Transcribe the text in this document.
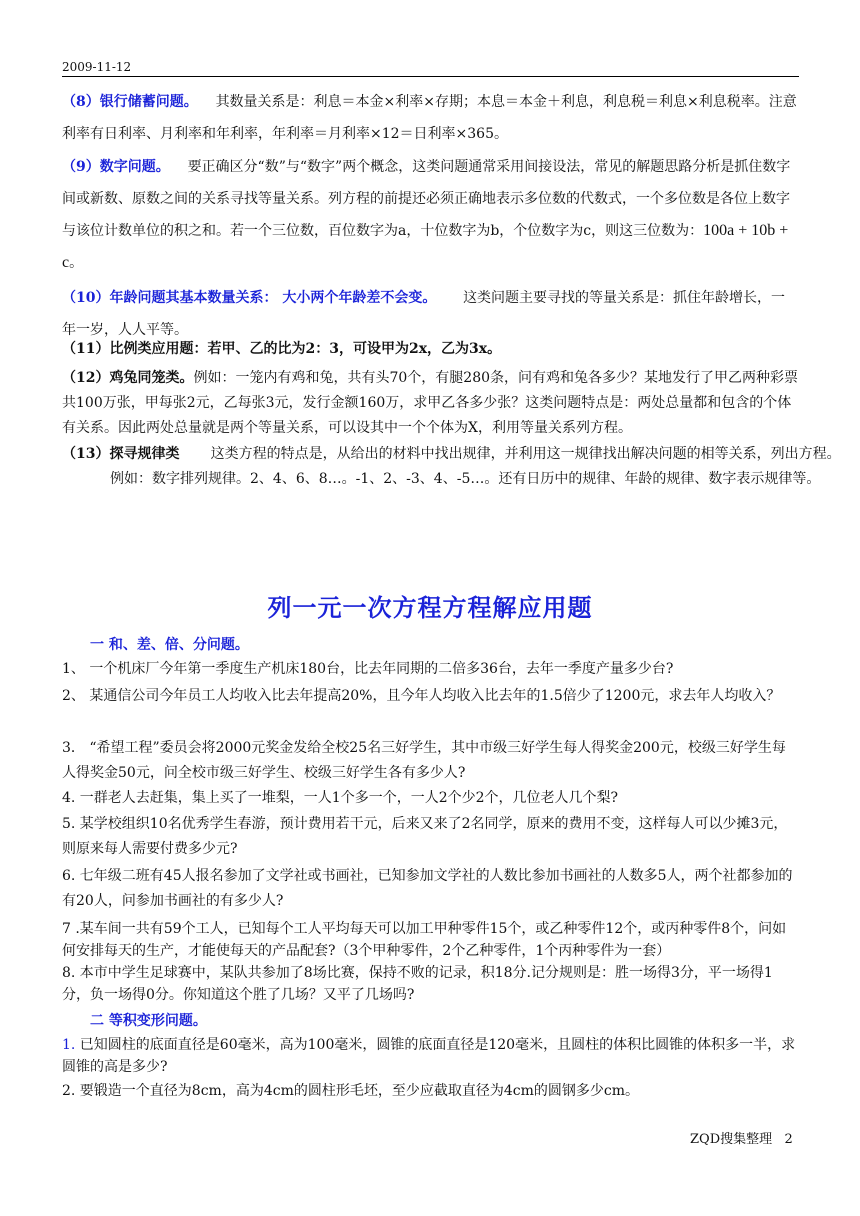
2009-11-12

（8）银行储蓄问题。 其数量关系是：利息＝本金×利率×存期；本息＝本金＋利息，利息税＝利息×利息税率。注意利率有日利率、月利率和年利率，年利率＝月利率×12＝日利率×365。

（9）数字问题。 要正确区分“数”与“数字”两个概念，这类问题通常采用间接设法，常见的解题思路分析是抓住数字间或新数、原数之间的关系寻找等量关系。列方程的前提还必须正确地表示多位数的代数式，一个多位数是各位上数字与该位计数单位的积之和。若一个三位数，百位数字为a，十位数字为b，个位数字为c，则这三位数为：100a + 10b + c。

（10）年龄问题其基本数量关系： 大小两个年龄差不会变。 这类问题主要寻找的等量关系是：抓住年龄增长，一年一岁，人人平等。

（11）比例类应用题：若甲、乙的比为2：3，可设甲为2x，乙为3x。

（12）鸡兔同笼类。例如：一笼内有鸡和兔，共有头70个，有腿280条，问有鸡和兔各多少？某地发行了甲乙两种彩票共100万张，甲每张2元，乙每张3元，发行金额160万，求甲乙各多少张？这类问题特点是：两处总量都和包含的个体有关系。因此两处总量就是两个等量关系，可以设其中一个个体为X，利用等量关系列方程。

（13）探寻规律类 这类方程的特点是，从给出的材料中找出规律，并利用这一规律找出解决问题的相等关系，列出方程。例如：数字排列规律。2、4、6、8…。-1、2、-3、4、-5…。还有日历中的规律、年龄的规律、数字表示规律等。

列一元一次方程方程解应用题

一 和、差、倍、分问题。

1、 一个机床厂今年第一季度生产机床180台，比去年同期的二倍多36台，去年一季度产量多少台?

2、 某通信公司今年员工人均收入比去年提高20%，且今年人均收入比去年的1.5倍少了1200元，求去年人均收入？

3． “希望工程”委员会将2000元奖金发给全校25名三好学生，其中市级三好学生每人得奖金200元，校级三好学生每人得奖金50元，问全校市级三好学生、校级三好学生各有多少人?

4. 一群老人去赶集，集上买了一堆梨，一人1个多一个，一人2个少2个，几位老人几个梨?

5. 某学校组织10名优秀学生春游，预计费用若干元，后来又来了2名同学，原来的费用不变，这样每人可以少摊3元，则原来每人需要付费多少元?

6. 七年级二班有45人报名参加了文学社或书画社，已知参加文学社的人数比参加书画社的人数多5人，两个社都参加的有20人，问参加书画社的有多少人?

7 .某车间一共有59个工人，已知每个工人平均每天可以加工甲种零件15个，或乙种零件12个，或丙种零件8个，问如何安排每天的生产，才能使每天的产品配套?（3个甲种零件，2个乙种零件，1个丙种零件为一套）

8. 本市中学生足球赛中，某队共参加了8场比赛，保持不败的记录，积18分.记分规则是：胜一场得3分，平一场得1分，负一场得0分。你知道这个胜了几场？又平了几场吗?

二 等积变形问题。

1. 已知圆柱的底面直径是60毫米，高为100毫米，圆锥的底面直径是120毫米，且圆柱的体积比圆锥的体积多一半，求圆锥的高是多少?

2. 要锻造一个直径为8cm，高为4cm的圆柱形毛坯，至少应截取直径为4cm的圆钢多少cm。

ZQD搜集整理 2
